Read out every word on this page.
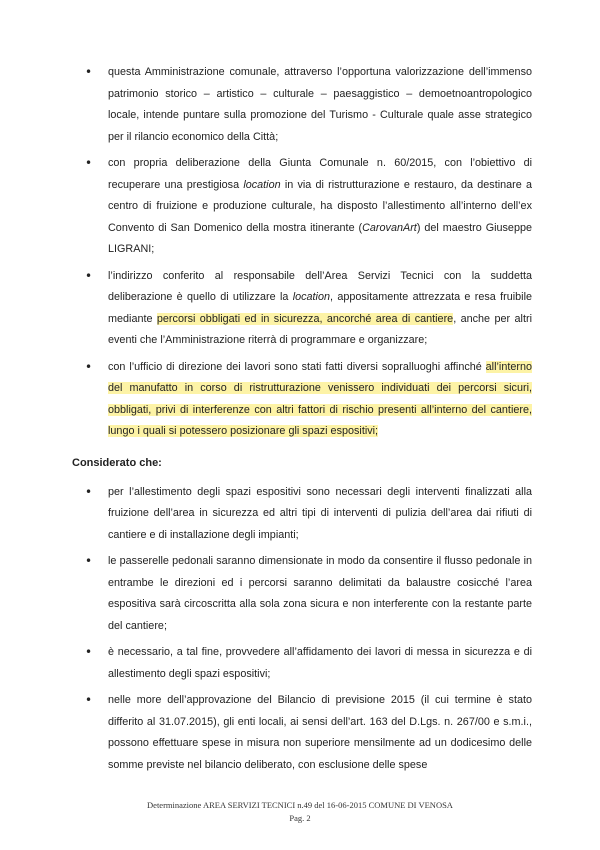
• questa Amministrazione comunale, attraverso l’opportuna valorizzazione dell’immenso patrimonio storico – artistico – culturale – paesaggistico – demoetnoantropologico locale, intende puntare sulla promozione del Turismo - Culturale quale asse strategico per il rilancio economico della Città;
• con propria deliberazione della Giunta Comunale n. 60/2015, con l’obiettivo di recuperare una prestigiosa location in via di ristrutturazione e restauro, da destinare a centro di fruizione e produzione culturale, ha disposto l’allestimento all’interno dell’ex Convento di San Domenico della mostra itinerante (CarovanArt) del maestro Giuseppe LIGRANI;
• l’indirizzo conferito al responsabile dell’Area Servizi Tecnici con la suddetta deliberazione è quello di utilizzare la location, appositamente attrezzata e resa fruibile mediante percorsi obbligati ed in sicurezza, ancorché area di cantiere, anche per altri eventi che l’Amministrazione riterrà di programmare e organizzare;
• con l’ufficio di direzione dei lavori sono stati fatti diversi sopralluoghi affinché all’interno del manufatto in corso di ristrutturazione venissero individuati dei percorsi sicuri, obbligati, privi di interferenze con altri fattori di rischio presenti all’interno del cantiere, lungo i quali si potessero posizionare gli spazi espositivi;
Considerato che:
• per l’allestimento degli spazi espositivi sono necessari degli interventi finalizzati alla fruizione dell’area in sicurezza ed altri tipi di interventi di pulizia dell’area dai rifiuti di cantiere e di installazione degli impianti;
• le passerelle pedonali saranno dimensionate in modo da consentire il flusso pedonale in entrambe le direzioni ed i percorsi saranno delimitati da balaustre cosicché l’area espositiva sarà circoscritta alla sola zona sicura e non interferente con la restante parte del cantiere;
• è necessario, a tal fine, provvedere all’affidamento dei lavori di messa in sicurezza e di allestimento degli spazi espositivi;
• nelle more dell’approvazione del Bilancio di previsione 2015 (il cui termine è stato differito al 31.07.2015), gli enti locali, ai sensi dell’art. 163 del D.Lgs. n. 267/00 e s.m.i., possono effettuare spese in misura non superiore mensilmente ad un dodicesimo delle somme previste nel bilancio deliberato, con esclusione delle spese
Determinazione AREA SERVIZI TECNICI n.49 del 16-06-2015 COMUNE DI VENOSA
Pag. 2
